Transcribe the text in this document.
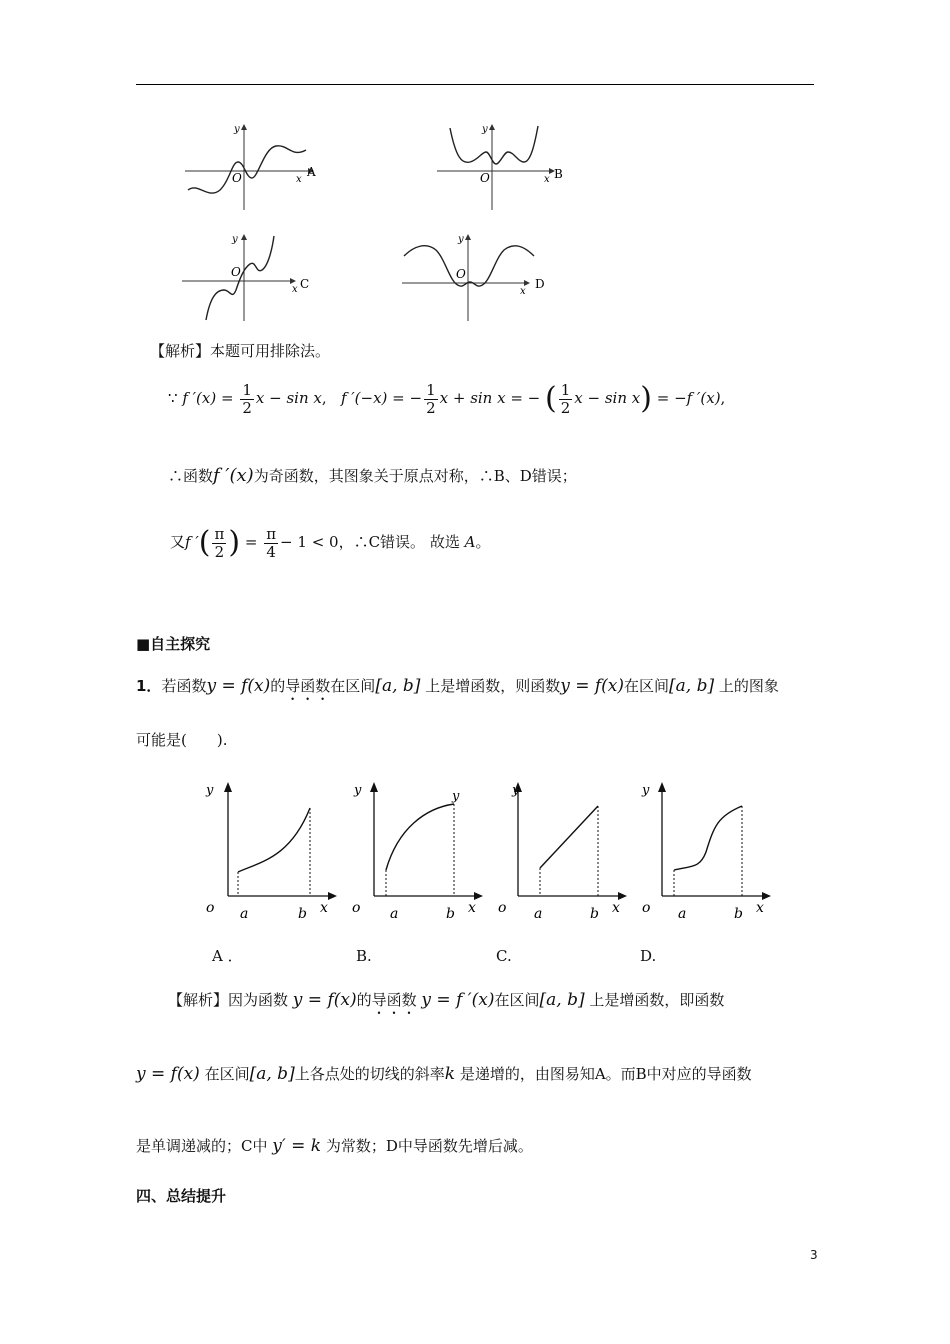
y
x
O	A
y
x
O	B
y
x
O
C
y
x
O
D
【解析】本题可用排除法。
∵ f $'(x) = \frac{1}{2}$ x − sin x, f ′(−x) = − $\frac{1}{2}$ x + sin x = − ( $\frac{1}{2}$ x − sin x) = −f ′(x),
∴函数f ′(x)为奇函数，其图象关于原点对称，∴B、D错误；
又f ′( $\frac{\pi}{2}$ ) = $\frac{\pi}{4} - 1 < 0$，∴C错误。 故选 A。
■自主探究
1．若函数y = f(x)的导函数在区间[a, b] 上是增函数，则函数y = f(x)在区间[a, b] 上的图象
可能是(　　).
y
o a	b x
y	y
o a	b x
y
o a	b x
y
o a	b x
A ．	B.	C.	D.
【解析】因为函数 y = f(x)的导函数 y = f ′(x)在区间[a, b] 上是增函数，即函数
y = f(x) 在区间[a, b]上各点处的切线的斜率k 是递增的，由图易知A。而B中对应的导函数
是单调递减的；C中 y′ = k 为常数；D中导函数先增后减。
四、总结提升
3
